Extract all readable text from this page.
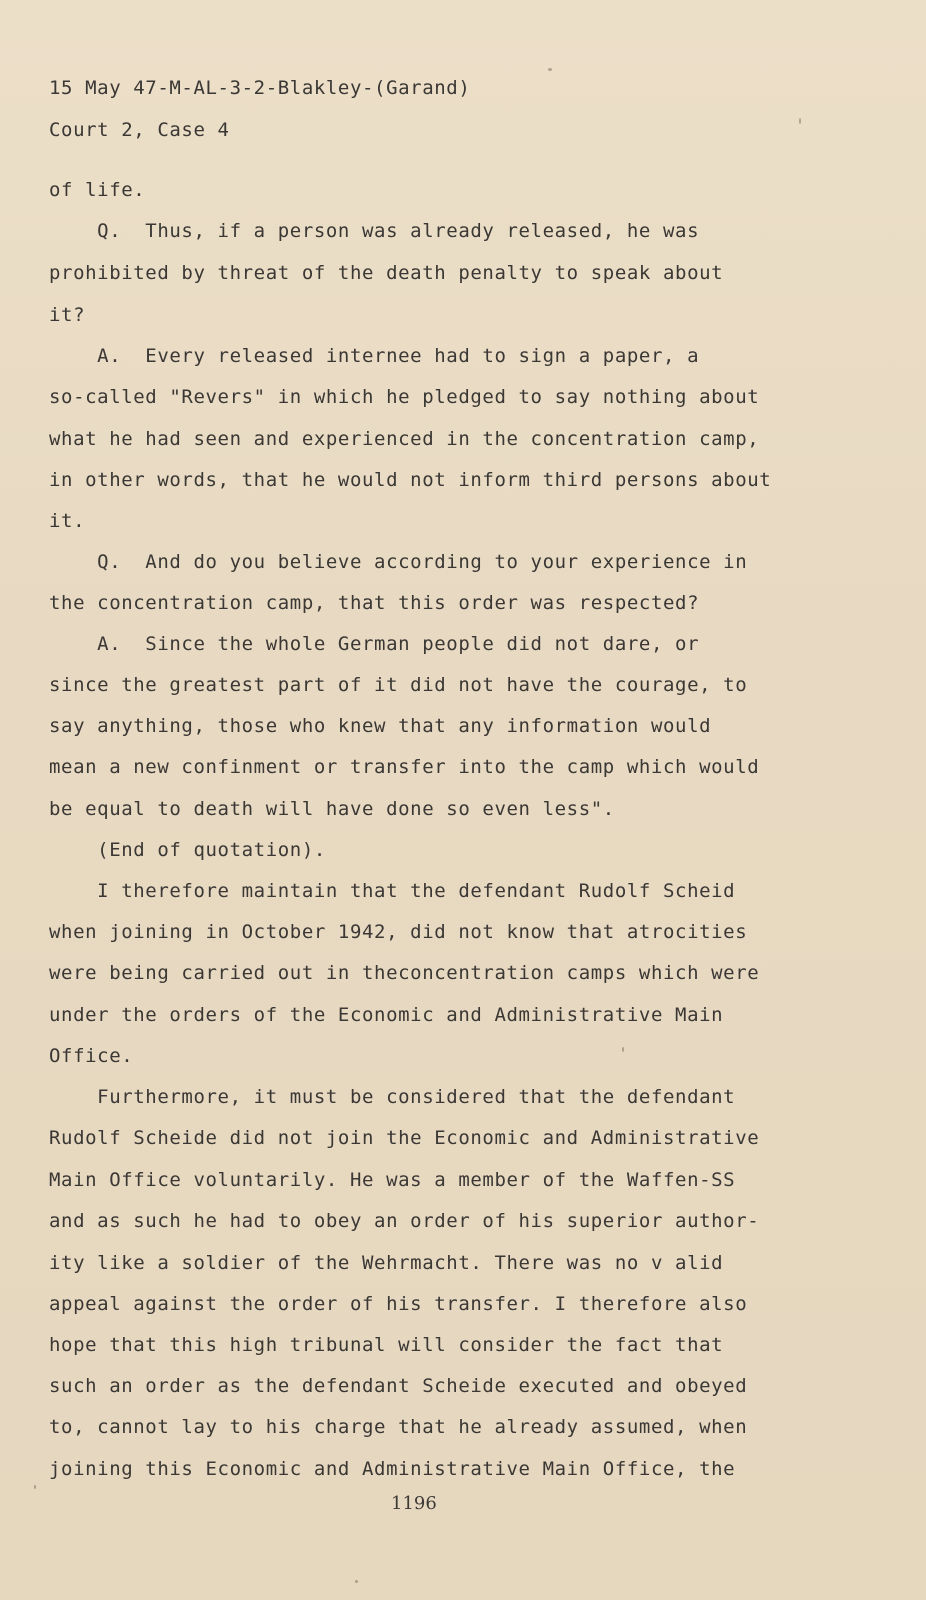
15 May 47-M-AL-3-2-Blakley-(Garand)
Court 2, Case 4
of life.
Q.  Thus, if a person was already released, he was
prohibited by threat of the death penalty to speak about
it?
A.  Every released internee had to sign a paper, a
so-called "Revers" in which he pledged to say nothing about
what he had seen and experienced in the concentration camp,
in other words, that he would not inform third persons about
it.
Q.  And do you believe according to your experience in
the concentration camp, that this order was respected?
A.  Since the whole German people did not dare, or
since the greatest part of it did not have the courage, to
say anything, those who knew that any information would
mean a new confinment or transfer into the camp which would
be equal to death will have done so even less".
(End of quotation).
I therefore maintain that the defendant Rudolf Scheid
when joining in October 1942, did not know that atrocities
were being carried out in theconcentration camps which were
under the orders of the Economic and Administrative Main
Office.
Furthermore, it must be considered that the defendant
Rudolf Scheide did not join the Economic and Administrative
Main Office voluntarily. He was a member of the Waffen-SS
and as such he had to obey an order of his superior author-
ity like a soldier of the Wehrmacht. There was no v alid
appeal against the order of his transfer. I therefore also
hope that this high tribunal will consider the fact that
such an order as the defendant Scheide executed and obeyed
to, cannot lay to his charge that he already assumed, when
joining this Economic and Administrative Main Office, the
1196
